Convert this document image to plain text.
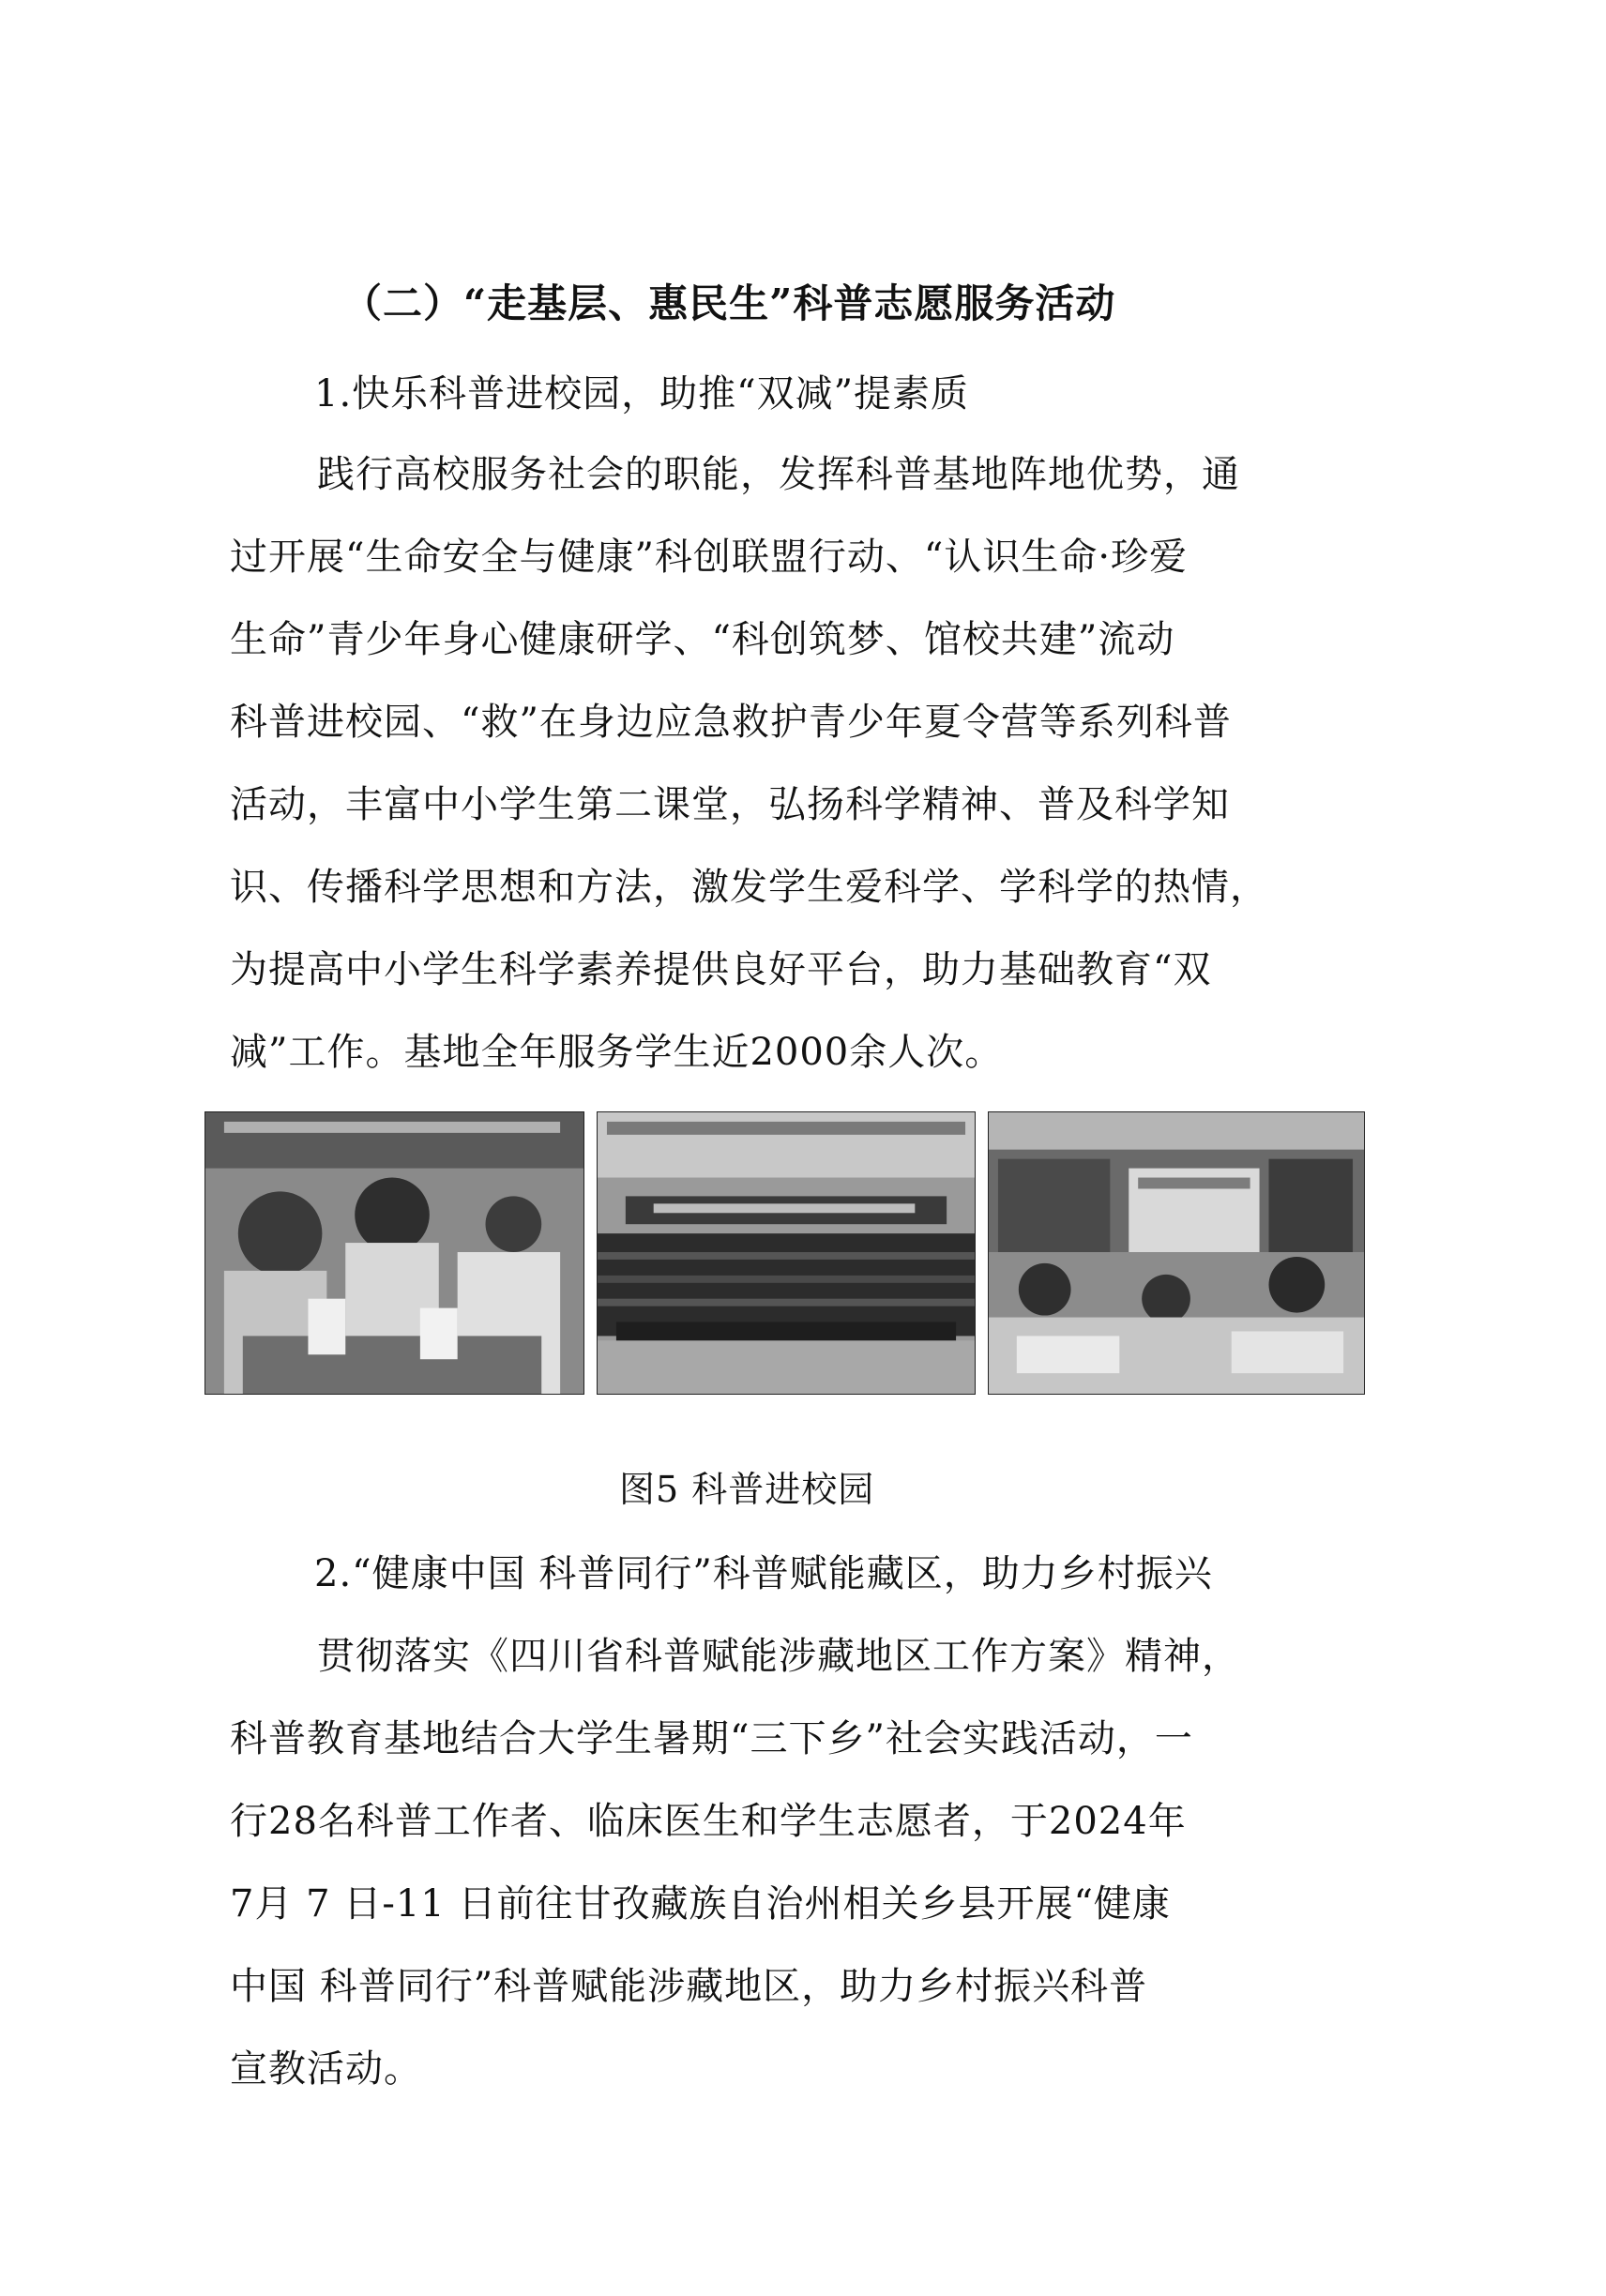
（二）“走基层、惠民生”科普志愿服务活动
1.快乐科普进校园，助推“双减”提素质
践行高校服务社会的职能，发挥科普基地阵地优势，通
过开展“生命安全与健康”科创联盟行动、“认识生命·珍爱
生命”青少年身心健康研学、“科创筑梦、馆校共建”流动
科普进校园、“救”在身边应急救护青少年夏令营等系列科普
活动，丰富中小学生第二课堂，弘扬科学精神、普及科学知
识、传播科学思想和方法，激发学生爱科学、学科学的热情，
为提高中小学生科学素养提供良好平台，助力基础教育“双
减”工作。基地全年服务学生近2000余人次。
图5 科普进校园
2.“健康中国 科普同行”科普赋能藏区，助力乡村振兴
贯彻落实《四川省科普赋能涉藏地区工作方案》精神，
科普教育基地结合大学生暑期“三下乡”社会实践活动，一
行28名科普工作者、临床医生和学生志愿者，于2024年
7月 7 日-11 日前往甘孜藏族自治州相关乡县开展“健康
中国 科普同行”科普赋能涉藏地区，助力乡村振兴科普
宣教活动。
